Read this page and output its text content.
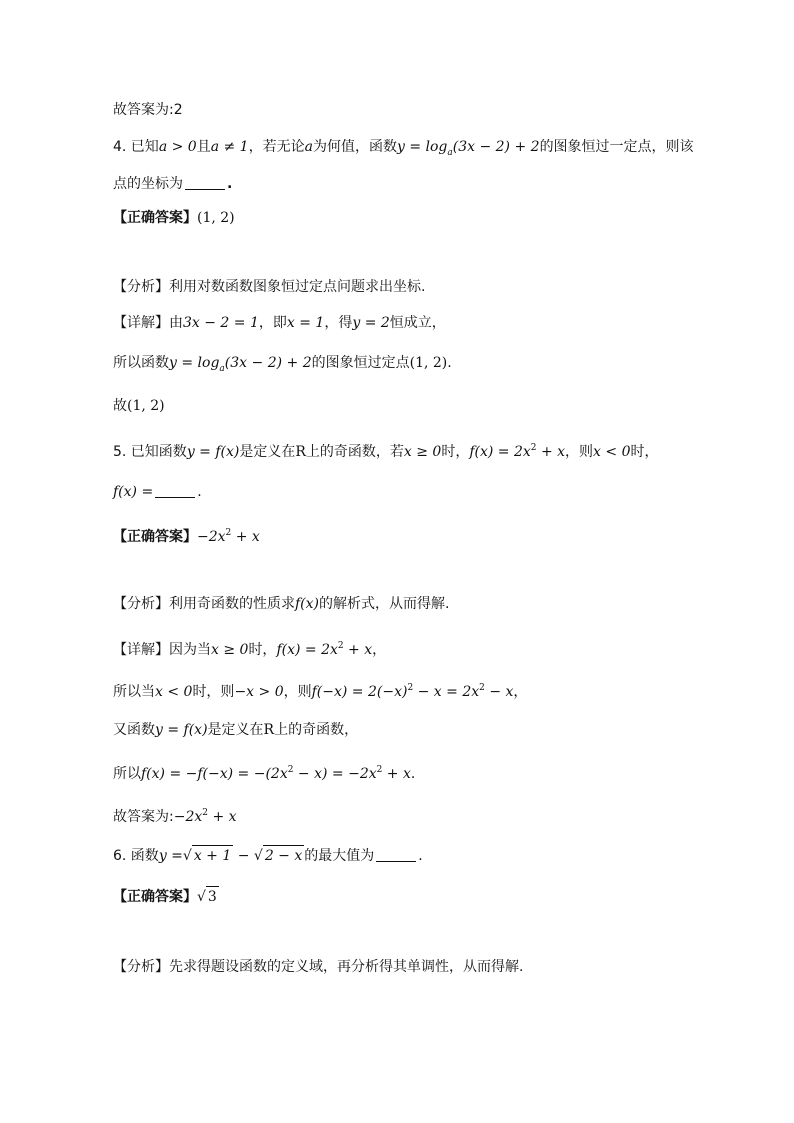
故答案为:2
4. 已知a > 0且a ≠ 1，若无论a为何值，函数$y = \log_a(3x - 2) + 2$的图象恒过一定点，则该
点的坐标为	.
【正确答案】(1, 2)
【分析】利用对数函数图象恒过定点问题求出坐标.
【详解】由3x − 2 = 1，即x = 1，得y = 2恒成立，
所以函数$y = \log_a(3x - 2) + 2$的图象恒过定点(1, 2).
故(1, 2)
5. 已知函数y = f(x)是定义在R上的奇函数，若x ≥ 0时，$f(x) = 2x^2 + x$，则x < 0时，
f(x) =	.
【正确答案】$-2x^2 + x$
【分析】利用奇函数的性质求f(x)的解析式，从而得解.
【详解】因为当x ≥ 0时，$f(x) = 2x^2 + x$，
所以当x < 0时，则−x > 0，则$f(-x) = 2(-x)^2 - x = 2x^2 - x$，
又函数y = f(x)是定义在R上的奇函数，
所以$f(x) = -f(-x) = -(2x^2 - x) = -2x^2 + x$.
故答案为$:-2x^2 + x$
6. 函数y =√ x + 1 − √ 2 − x 的最大值为	.
【正确答案】√ 3
【分析】先求得题设函数的定义域，再分析得其单调性，从而得解.
